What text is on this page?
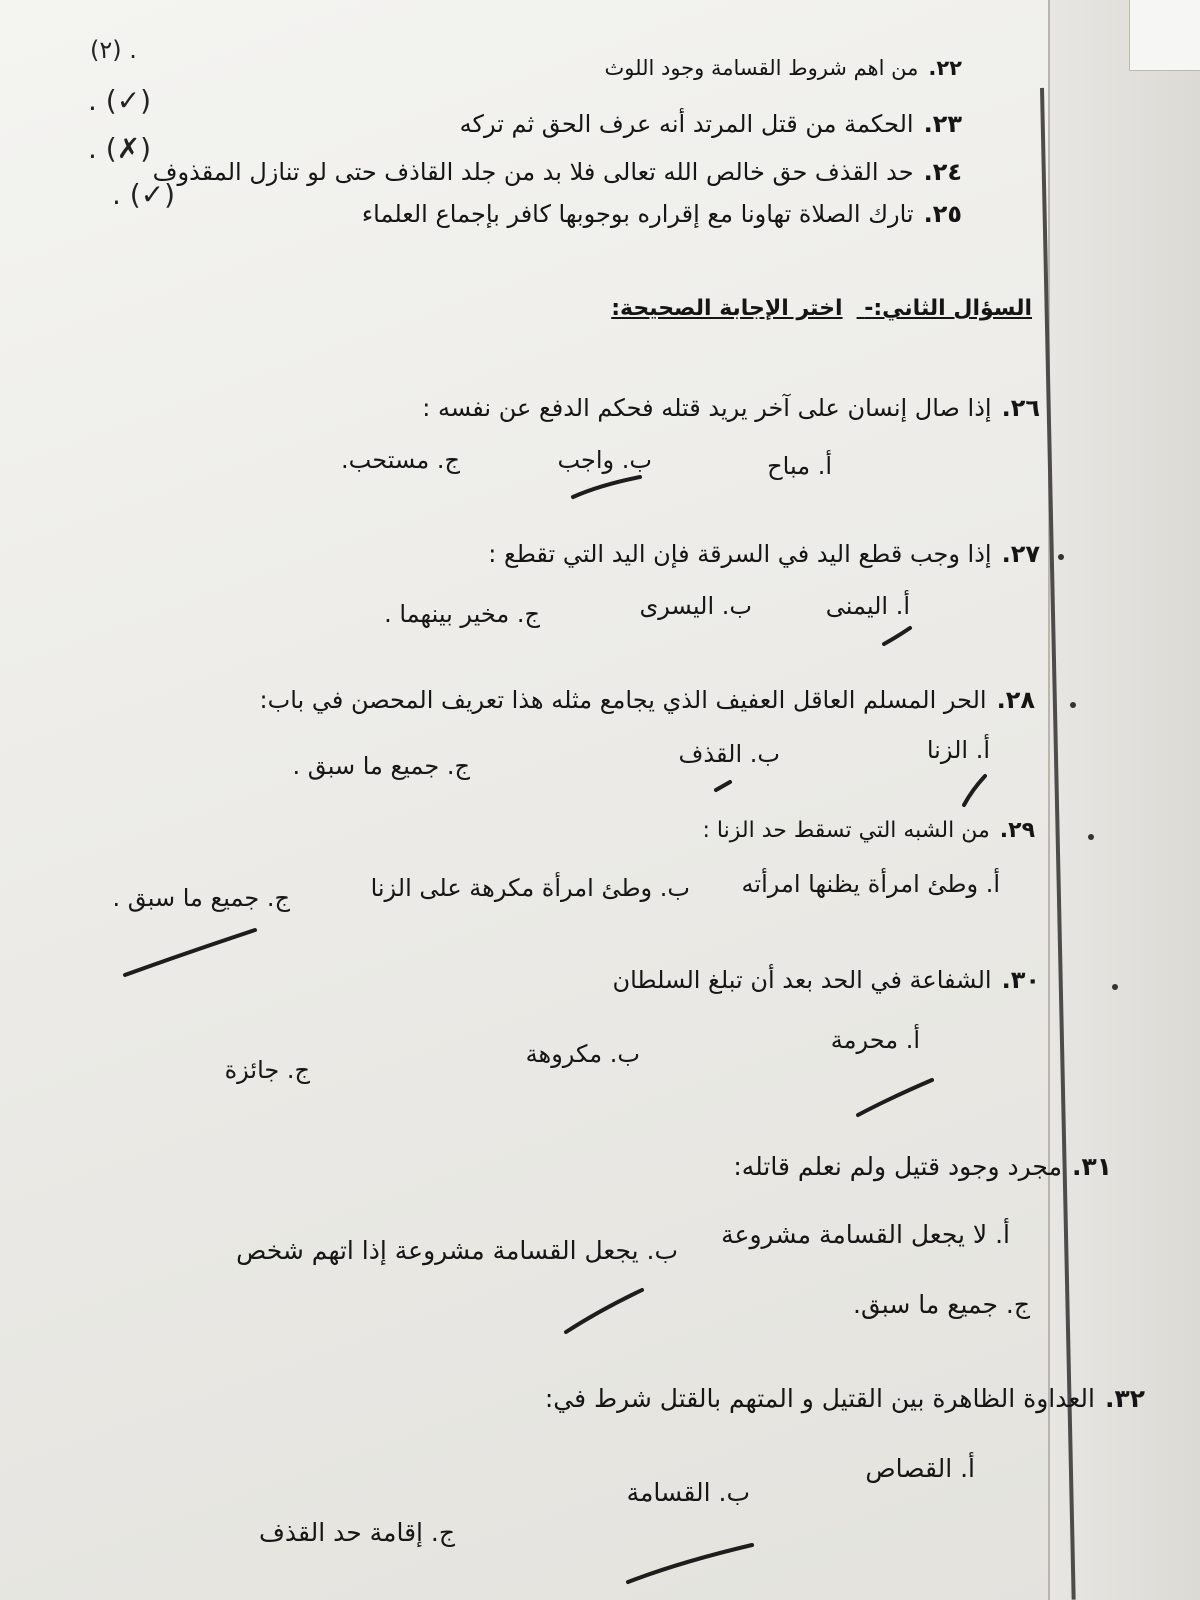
٢٢.من اهم شروط القسامة وجود اللوث
٢٣.الحكمة من قتل المرتد أنه عرف الحق ثم تركه
٢٤.حد القذف حق خالص الله تعالى فلا بد من جلد القاذف حتى لو تنازل المقذوف
٢٥.تارك الصلاة تهاونا مع إقراره بوجوبها كافر بإجماع العلماء
(٢) .
. (✓)
. (✗)
. (✓)
السؤال الثاني:- اختر الإجابة الصحيحة:
٢٦.إذا صال إنسان على آخر يريد قتله فحكم الدفع عن نفسه :
أ. مباح
ب. واجب
ج. مستحب.
٢٧.إذا وجب قطع اليد في السرقة فإن اليد التي تقطع :
أ. اليمنى
ب. اليسرى
ج. مخير بينهما .
٢٨.الحر المسلم العاقل العفيف الذي يجامع مثله هذا تعريف المحصن في باب:
أ. الزنا
ب. القذف
ج. جميع ما سبق .
٢٩.من الشبه التي تسقط حد الزنا :
أ. وطئ امرأة يظنها امرأته
ب. وطئ امرأة مكرهة على الزنا
ج. جميع ما سبق .
٣٠.الشفاعة في الحد بعد أن تبلغ السلطان
أ. محرمة
ب. مكروهة
ج. جائزة
٣١.مجرد وجود قتيل ولم نعلم قاتله:
أ. لا يجعل القسامة مشروعة
ب. يجعل القسامة مشروعة إذا اتهم شخص
ج. جميع ما سبق.
٣٢.العداوة الظاهرة بين القتيل و المتهم بالقتل شرط في:
أ. القصاص
ب. القسامة
ج. إقامة حد القذف
